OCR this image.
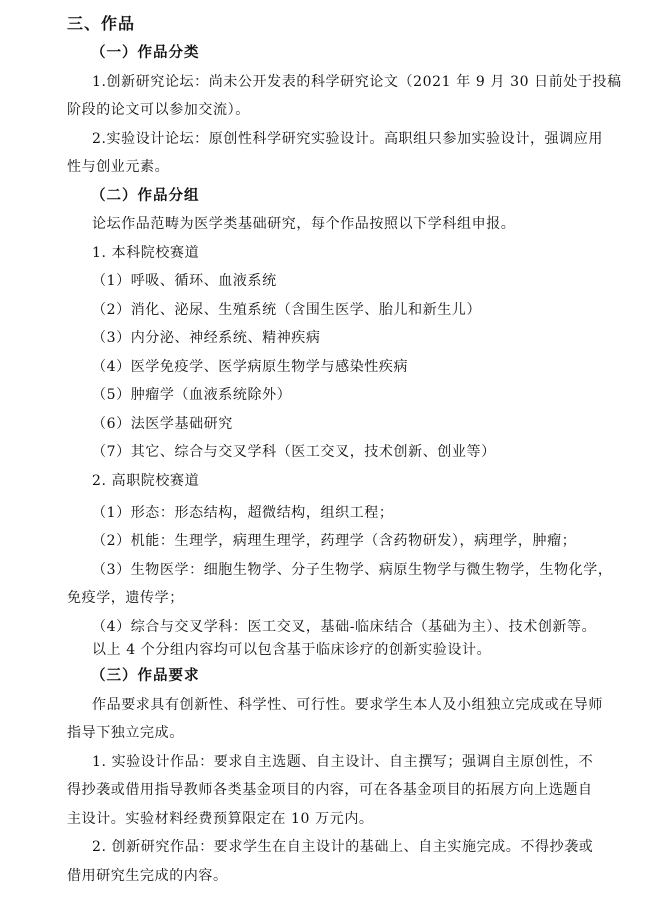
三、作品
（一）作品分类
1.创新研究论坛：尚未公开发表的科学研究论文（2021 年 9 月 30 日前处于投稿
阶段的论文可以参加交流）。
2.实验设计论坛：原创性科学研究实验设计。高职组只参加实验设计，强调应用
性与创业元素。
（二）作品分组
论坛作品范畴为医学类基础研究，每个作品按照以下学科组申报。
1. 本科院校赛道
（1）呼吸、循环、血液系统
（2）消化、泌尿、生殖系统（含围生医学、胎儿和新生儿）
（3）内分泌、神经系统、精神疾病
（4）医学免疫学、医学病原生物学与感染性疾病
（5）肿瘤学（血液系统除外）
（6）法医学基础研究
（7）其它、综合与交叉学科（医工交叉，技术创新、创业等）
2. 高职院校赛道
（1）形态：形态结构，超微结构，组织工程；
（2）机能：生理学，病理生理学，药理学（含药物研发），病理学，肿瘤；
（3）生物医学：细胞生物学、分子生物学、病原生物学与微生物学，生物化学，
免疫学，遗传学；
（4）综合与交叉学科：医工交叉，基础-临床结合（基础为主）、技术创新等。
以上 4 个分组内容均可以包含基于临床诊疗的创新实验设计。
（三）作品要求
作品要求具有创新性、科学性、可行性。要求学生本人及小组独立完成或在导师
指导下独立完成。
1. 实验设计作品：要求自主选题、自主设计、自主撰写；强调自主原创性，不
得抄袭或借用指导教师各类基金项目的内容，可在各基金项目的拓展方向上选题自
主设计。实验材料经费预算限定在 10 万元内。
2. 创新研究作品：要求学生在自主设计的基础上、自主实施完成。不得抄袭或
借用研究生完成的内容。
